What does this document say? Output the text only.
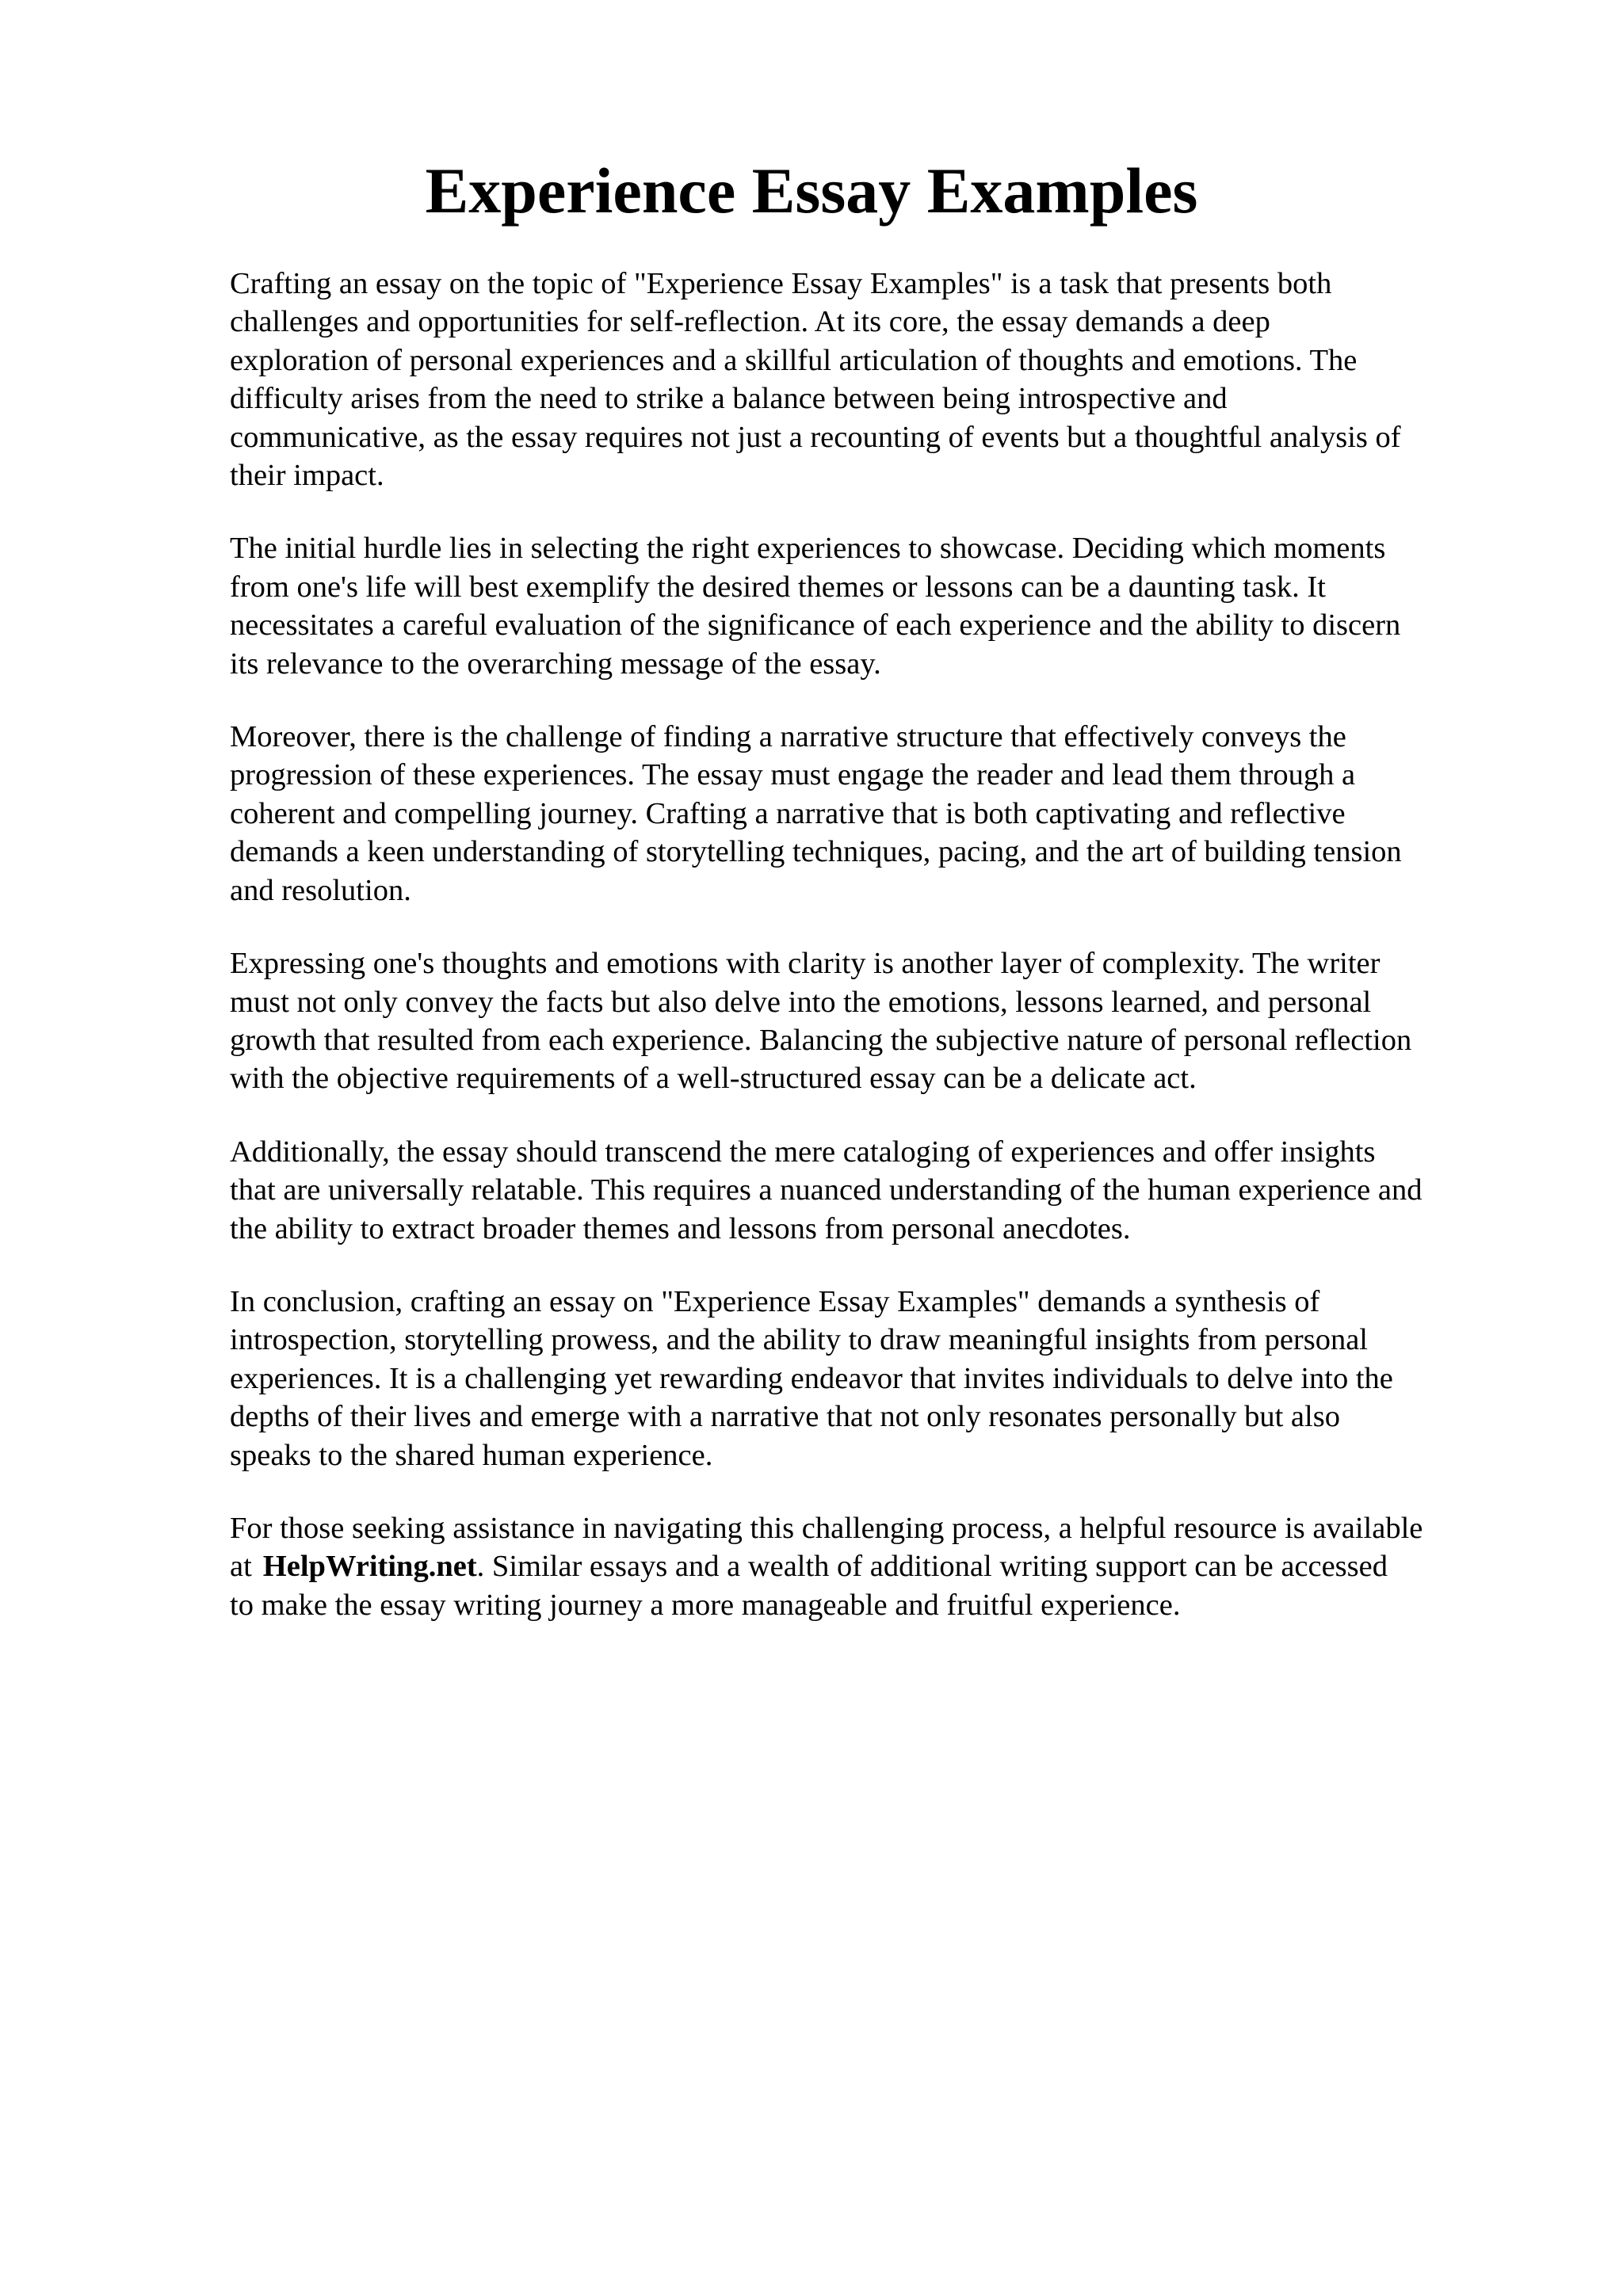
Experience Essay Examples

Crafting an essay on the topic of "Experience Essay Examples" is a task that presents both
challenges and opportunities for self-reflection. At its core, the essay demands a deep
exploration of personal experiences and a skillful articulation of thoughts and emotions. The
difficulty arises from the need to strike a balance between being introspective and
communicative, as the essay requires not just a recounting of events but a thoughtful analysis of
their impact.

The initial hurdle lies in selecting the right experiences to showcase. Deciding which moments
from one's life will best exemplify the desired themes or lessons can be a daunting task. It
necessitates a careful evaluation of the significance of each experience and the ability to discern
its relevance to the overarching message of the essay.

Moreover, there is the challenge of finding a narrative structure that effectively conveys the
progression of these experiences. The essay must engage the reader and lead them through a
coherent and compelling journey. Crafting a narrative that is both captivating and reflective
demands a keen understanding of storytelling techniques, pacing, and the art of building tension
and resolution.

Expressing one's thoughts and emotions with clarity is another layer of complexity. The writer
must not only convey the facts but also delve into the emotions, lessons learned, and personal
growth that resulted from each experience. Balancing the subjective nature of personal reflection
with the objective requirements of a well-structured essay can be a delicate act.

Additionally, the essay should transcend the mere cataloging of experiences and offer insights
that are universally relatable. This requires a nuanced understanding of the human experience and
the ability to extract broader themes and lessons from personal anecdotes.

In conclusion, crafting an essay on "Experience Essay Examples" demands a synthesis of
introspection, storytelling prowess, and the ability to draw meaningful insights from personal
experiences. It is a challenging yet rewarding endeavor that invites individuals to delve into the
depths of their lives and emerge with a narrative that not only resonates personally but also
speaks to the shared human experience.

For those seeking assistance in navigating this challenging process, a helpful resource is available
at HelpWriting.net. Similar essays and a wealth of additional writing support can be accessed
to make the essay writing journey a more manageable and fruitful experience.
